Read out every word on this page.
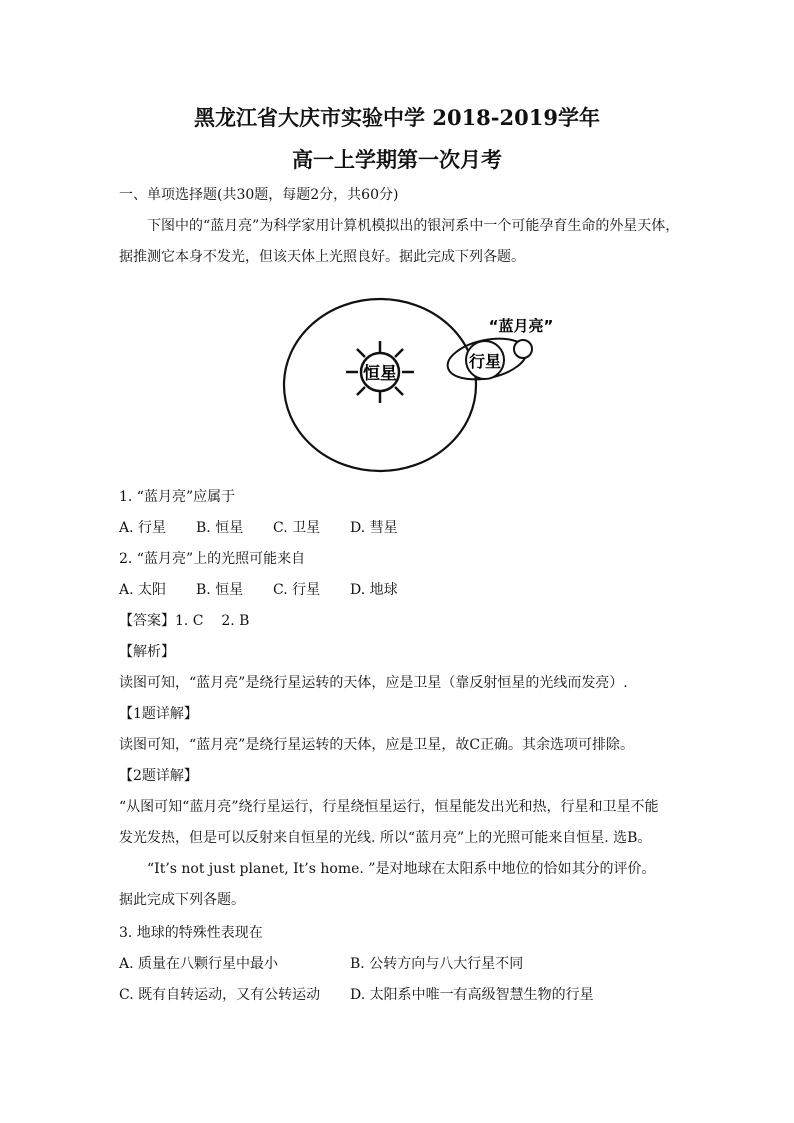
黑龙江省大庆市实验中学 2018-2019学年
高一上学期第一次月考
一、单项选择题(共30题，每题2分，共60分)
下图中的“蓝月亮”为科学家用计算机模拟出的银河系中一个可能孕育生命的外星天体，
据推测它本身不发光，但该天体上光照良好。据此完成下列各题。
恒星
行星
“蓝月亮”
1. “蓝月亮”应属于
A. 行星 B. 恒星 C. 卫星 D. 彗星
2. “蓝月亮”上的光照可能来自
A. 太阳 B. 恒星 C. 行星 D. 地球
【答案】1. C    2. B
【解析】
读图可知，“蓝月亮”是绕行星运转的天体，应是卫星（靠反射恒星的光线而发亮）.
【1题详解】
读图可知，“蓝月亮”是绕行星运转的天体，应是卫星，故C正确。其余选项可排除。
【2题详解】
“从图可知“蓝月亮”绕行星运行，行星绕恒星运行，恒星能发出光和热，行星和卫星不能
发光发热，但是可以反射来自恒星的光线. 所以“蓝月亮”上的光照可能来自恒星. 选B。
“It’s not just planet, It’s home. ”是对地球在太阳系中地位的恰如其分的评价。
据此完成下列各题。
3. 地球的特殊性表现在
A. 质量在八颗行星中最小	B. 公转方向与八大行星不同
C. 既有自转运动，又有公转运动 D. 太阳系中唯一有高级智慧生物的行星
